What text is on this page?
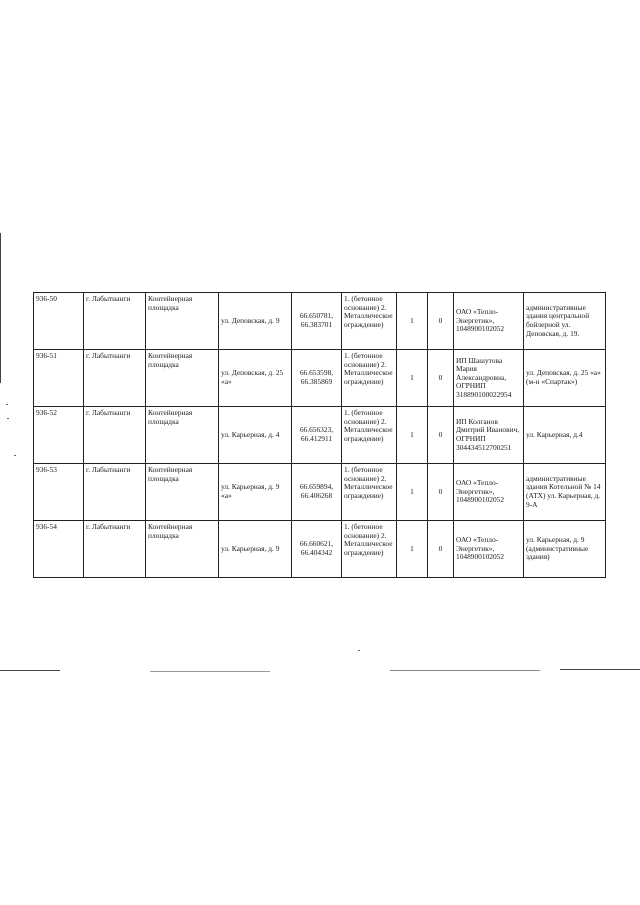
936-50	г. Лабытнанги	Контейнерная площадка	ул. Деповская, д. 9	66.650781, 66.383701	1. (бетонное основание) 2. Металлическое ограждение)	1	0	ОАО «Тепло-Энергетик», 1048900102052	административные здания центральной бойлерной ул. Деповская, д. 19.
936-51	г. Лабытнанги	Контейнерная площадка	ул. Деповская, д. 25 «а»	66.653598, 66.385869	1. (бетонное основание) 2. Металлическое ограждение)	1	0	ИП Шашутова Мария Александровна, ОГРНИП 318890100022954	ул. Деповская, д. 25 «а» (м-н «Спартак»)
936-52	г. Лабытнанги	Контейнерная площадка	ул. Карьерная, д. 4	66.656323, 66.412911	1. (бетонное основание) 2. Металлическое ограждение)	1	0	ИП Колганов Дмитрий Иванович, ОГРНИП 304434512700251	ул. Карьерная, д.4
936-53	г. Лабытнанги	Контейнерная площадка	ул. Карьерная, д. 9 «а»	66.659894, 66.406268	1. (бетонное основание) 2. Металлическое ограждение)	1	0	ОАО «Тепло-Энергетик», 1048900102052	административные здания Котельной № 14 (АТХ) ул. Карьерная, д. 9-А
936-54	г. Лабытнанги	Контейнерная площадка	ул. Карьерная, д. 9	66.660621, 66.404342	1. (бетонное основание) 2. Металлическое ограждение)	1	0	ОАО «Тепло-Энергетик», 1048900102052	ул. Карьерная, д. 9 (административные здания)
